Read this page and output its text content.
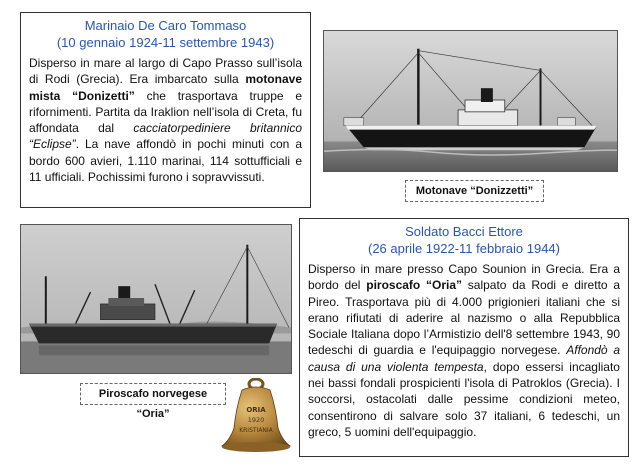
Marinaio De Caro Tommaso

(10 gennaio 1924-11 settembre 1943)

Disperso in mare al largo di Capo Prasso sull’isola di Rodi (Grecia). Era imbarcato sulla motonave mista “Donizetti” che trasportava truppe e rifornimenti. Partita da Iraklion nell’isola di Creta, fu affondata dal cacciatorpediniere britannico “Eclipse”. La nave affondò in pochi minuti con a bordo 600 avieri, 1.110 marinai, 114 sottufficiali e 11 ufficiali. Pochissimi furono i sopravvissuti.
Motonave “Donizzetti”
Piroscafo norvegese “Oria”	ORIA
1920
KRISTIANIA

Soldato Bacci Ettore

(26 aprile 1922-11 febbraio 1944)

Disperso in mare presso Capo Sounion in Grecia. Era a bordo del piroscafo “Oria” salpato da Rodi e diretto a Pireo. Trasportava più di 4.000 prigionieri italiani che si erano rifiutati di aderire al nazismo o alla Repubblica Sociale Italiana dopo l’Armistizio dell'8 settembre 1943, 90 tedeschi di guardia e l'equipaggio norvegese. Affondò a causa di una violenta tempesta, dopo essersi incagliato nei bassi fondali prospicienti l'isola di Patroklos (Grecia). I soccorsi, ostacolati dalle pessime condizioni meteo, consentirono di salvare solo 37 italiani, 6 tedeschi, un greco, 5 uomini dell'equipaggio.
